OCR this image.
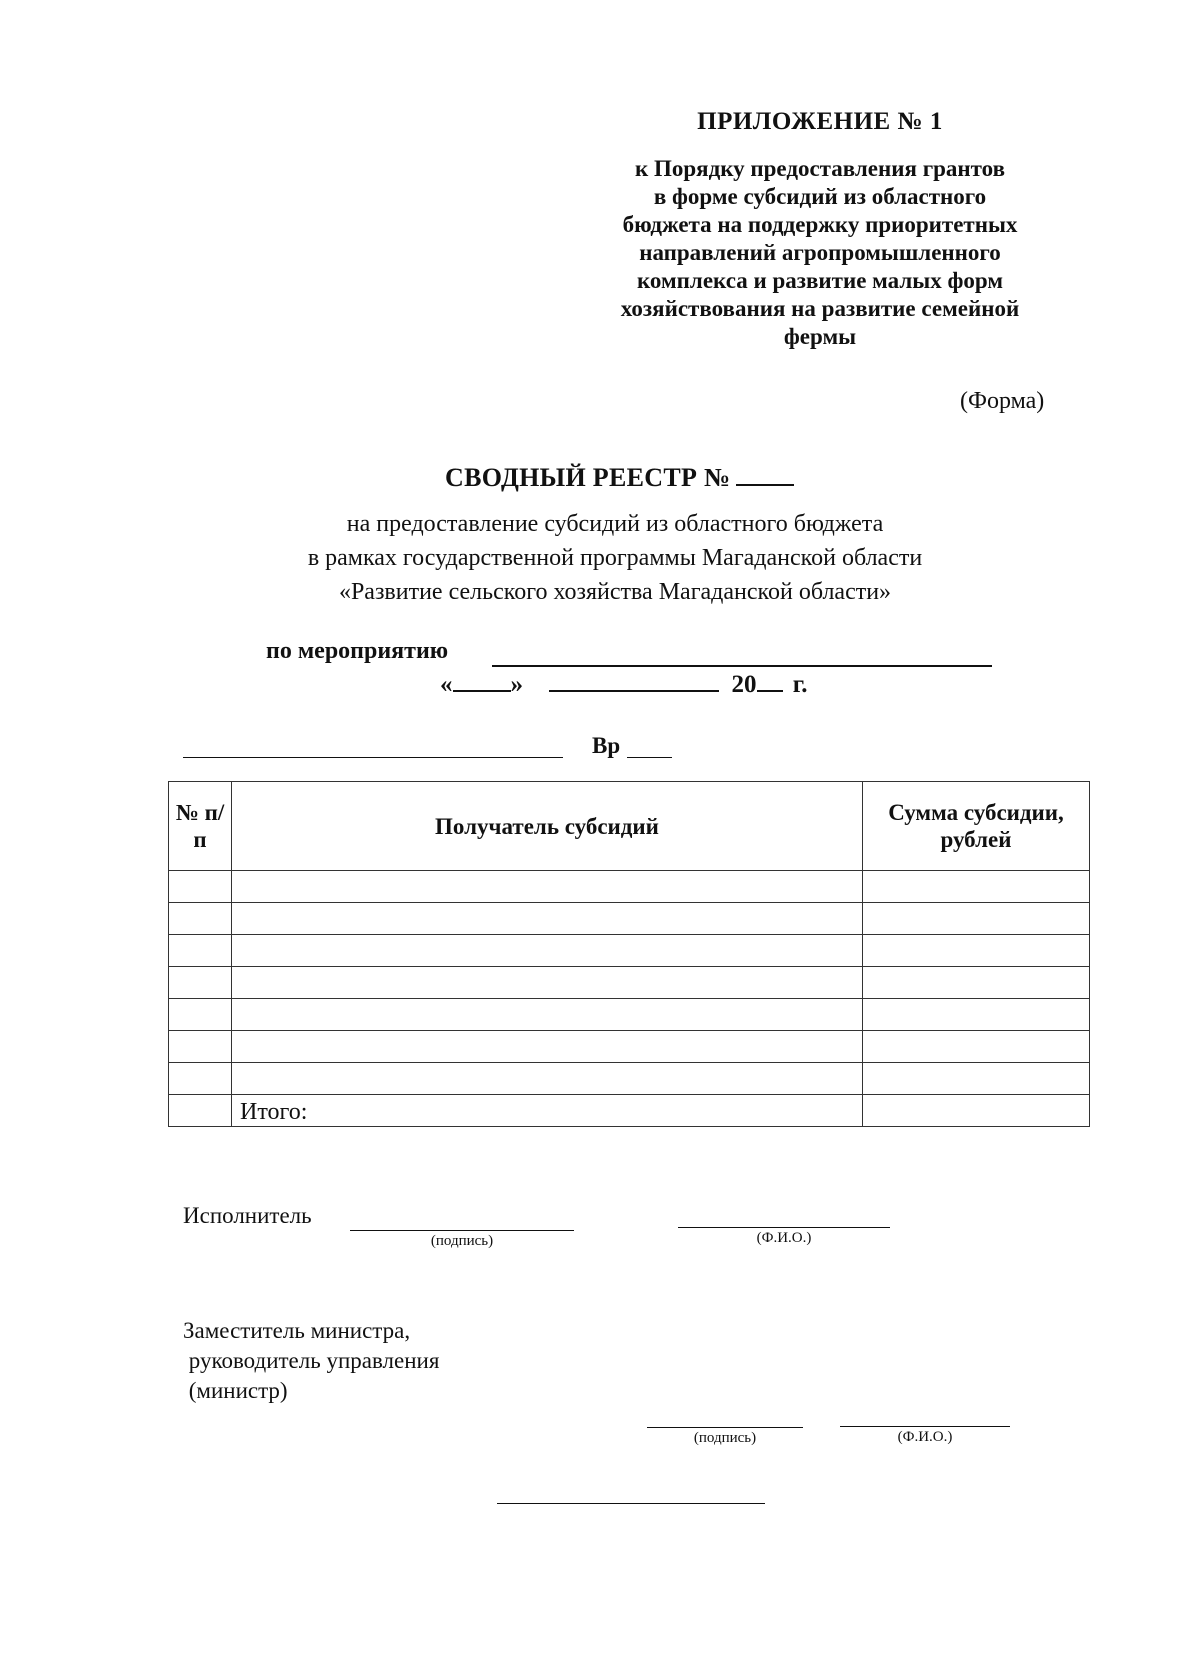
ПРИЛОЖЕНИЕ № 1
к Порядку предоставления грантов
в форме субсидий из областного
бюджета на поддержку приоритетных
направлений агропромышленного
комплекса и развитие малых форм
хозяйствования на развитие семейной
фермы
(Форма)
СВОДНЫЙ РЕЕСТР №
на предоставление субсидий из областного бюджета
в рамках государственной программы Магаданской области
«Развитие сельского хозяйства Магаданской области»
по мероприятию
« »	20 г.
Вр
№ п/п	Получатель субсидий	Сумма субсидии, рублей

	Итого:	
Исполнитель
(подпись)	(Ф.И.О.)
Заместитель министра,
руководитель управления
(министр)
(подпись)	(Ф.И.О.)
